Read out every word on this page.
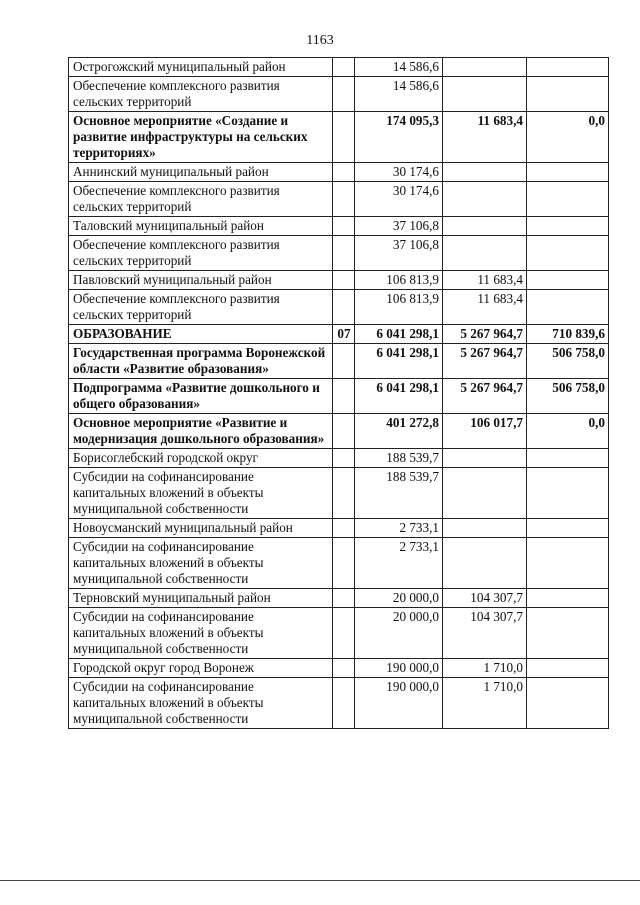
1163
Острогожский муниципальный район		14 586,6		
Обеспечение комплексного развития сельских территорий		14 586,6		
Основное мероприятие «Создание и развитие инфраструктуры на сельских территориях»		174 095,3	11 683,4	0,0
Аннинский муниципальный район		30 174,6		
Обеспечение комплексного развития сельских территорий		30 174,6		
Таловский муниципальный район		37 106,8		
Обеспечение комплексного развития сельских территорий		37 106,8		
Павловский муниципальный район		106 813,9	11 683,4	
Обеспечение комплексного развития сельских территорий		106 813,9	11 683,4	
ОБРАЗОВАНИЕ	07	6 041 298,1	5 267 964,7	710 839,6
Государственная программа Воронежской области «Развитие образования»		6 041 298,1	5 267 964,7	506 758,0
Подпрограмма «Развитие дошкольного и общего образования»		6 041 298,1	5 267 964,7	506 758,0
Основное мероприятие «Развитие и модернизация дошкольного образования»		401 272,8	106 017,7	0,0
Борисоглебский городской округ		188 539,7		
Субсидии на софинансирование капитальных вложений в объекты муниципальной собственности		188 539,7		
Новоусманский муниципальный район		2 733,1		
Субсидии на софинансирование капитальных вложений в объекты муниципальной собственности		2 733,1		
Терновский муниципальный район		20 000,0	104 307,7	
Субсидии на софинансирование капитальных вложений в объекты муниципальной собственности		20 000,0	104 307,7	
Городской округ город Воронеж		190 000,0	1 710,0	
Субсидии на софинансирование капитальных вложений в объекты муниципальной собственности		190 000,0	1 710,0	
